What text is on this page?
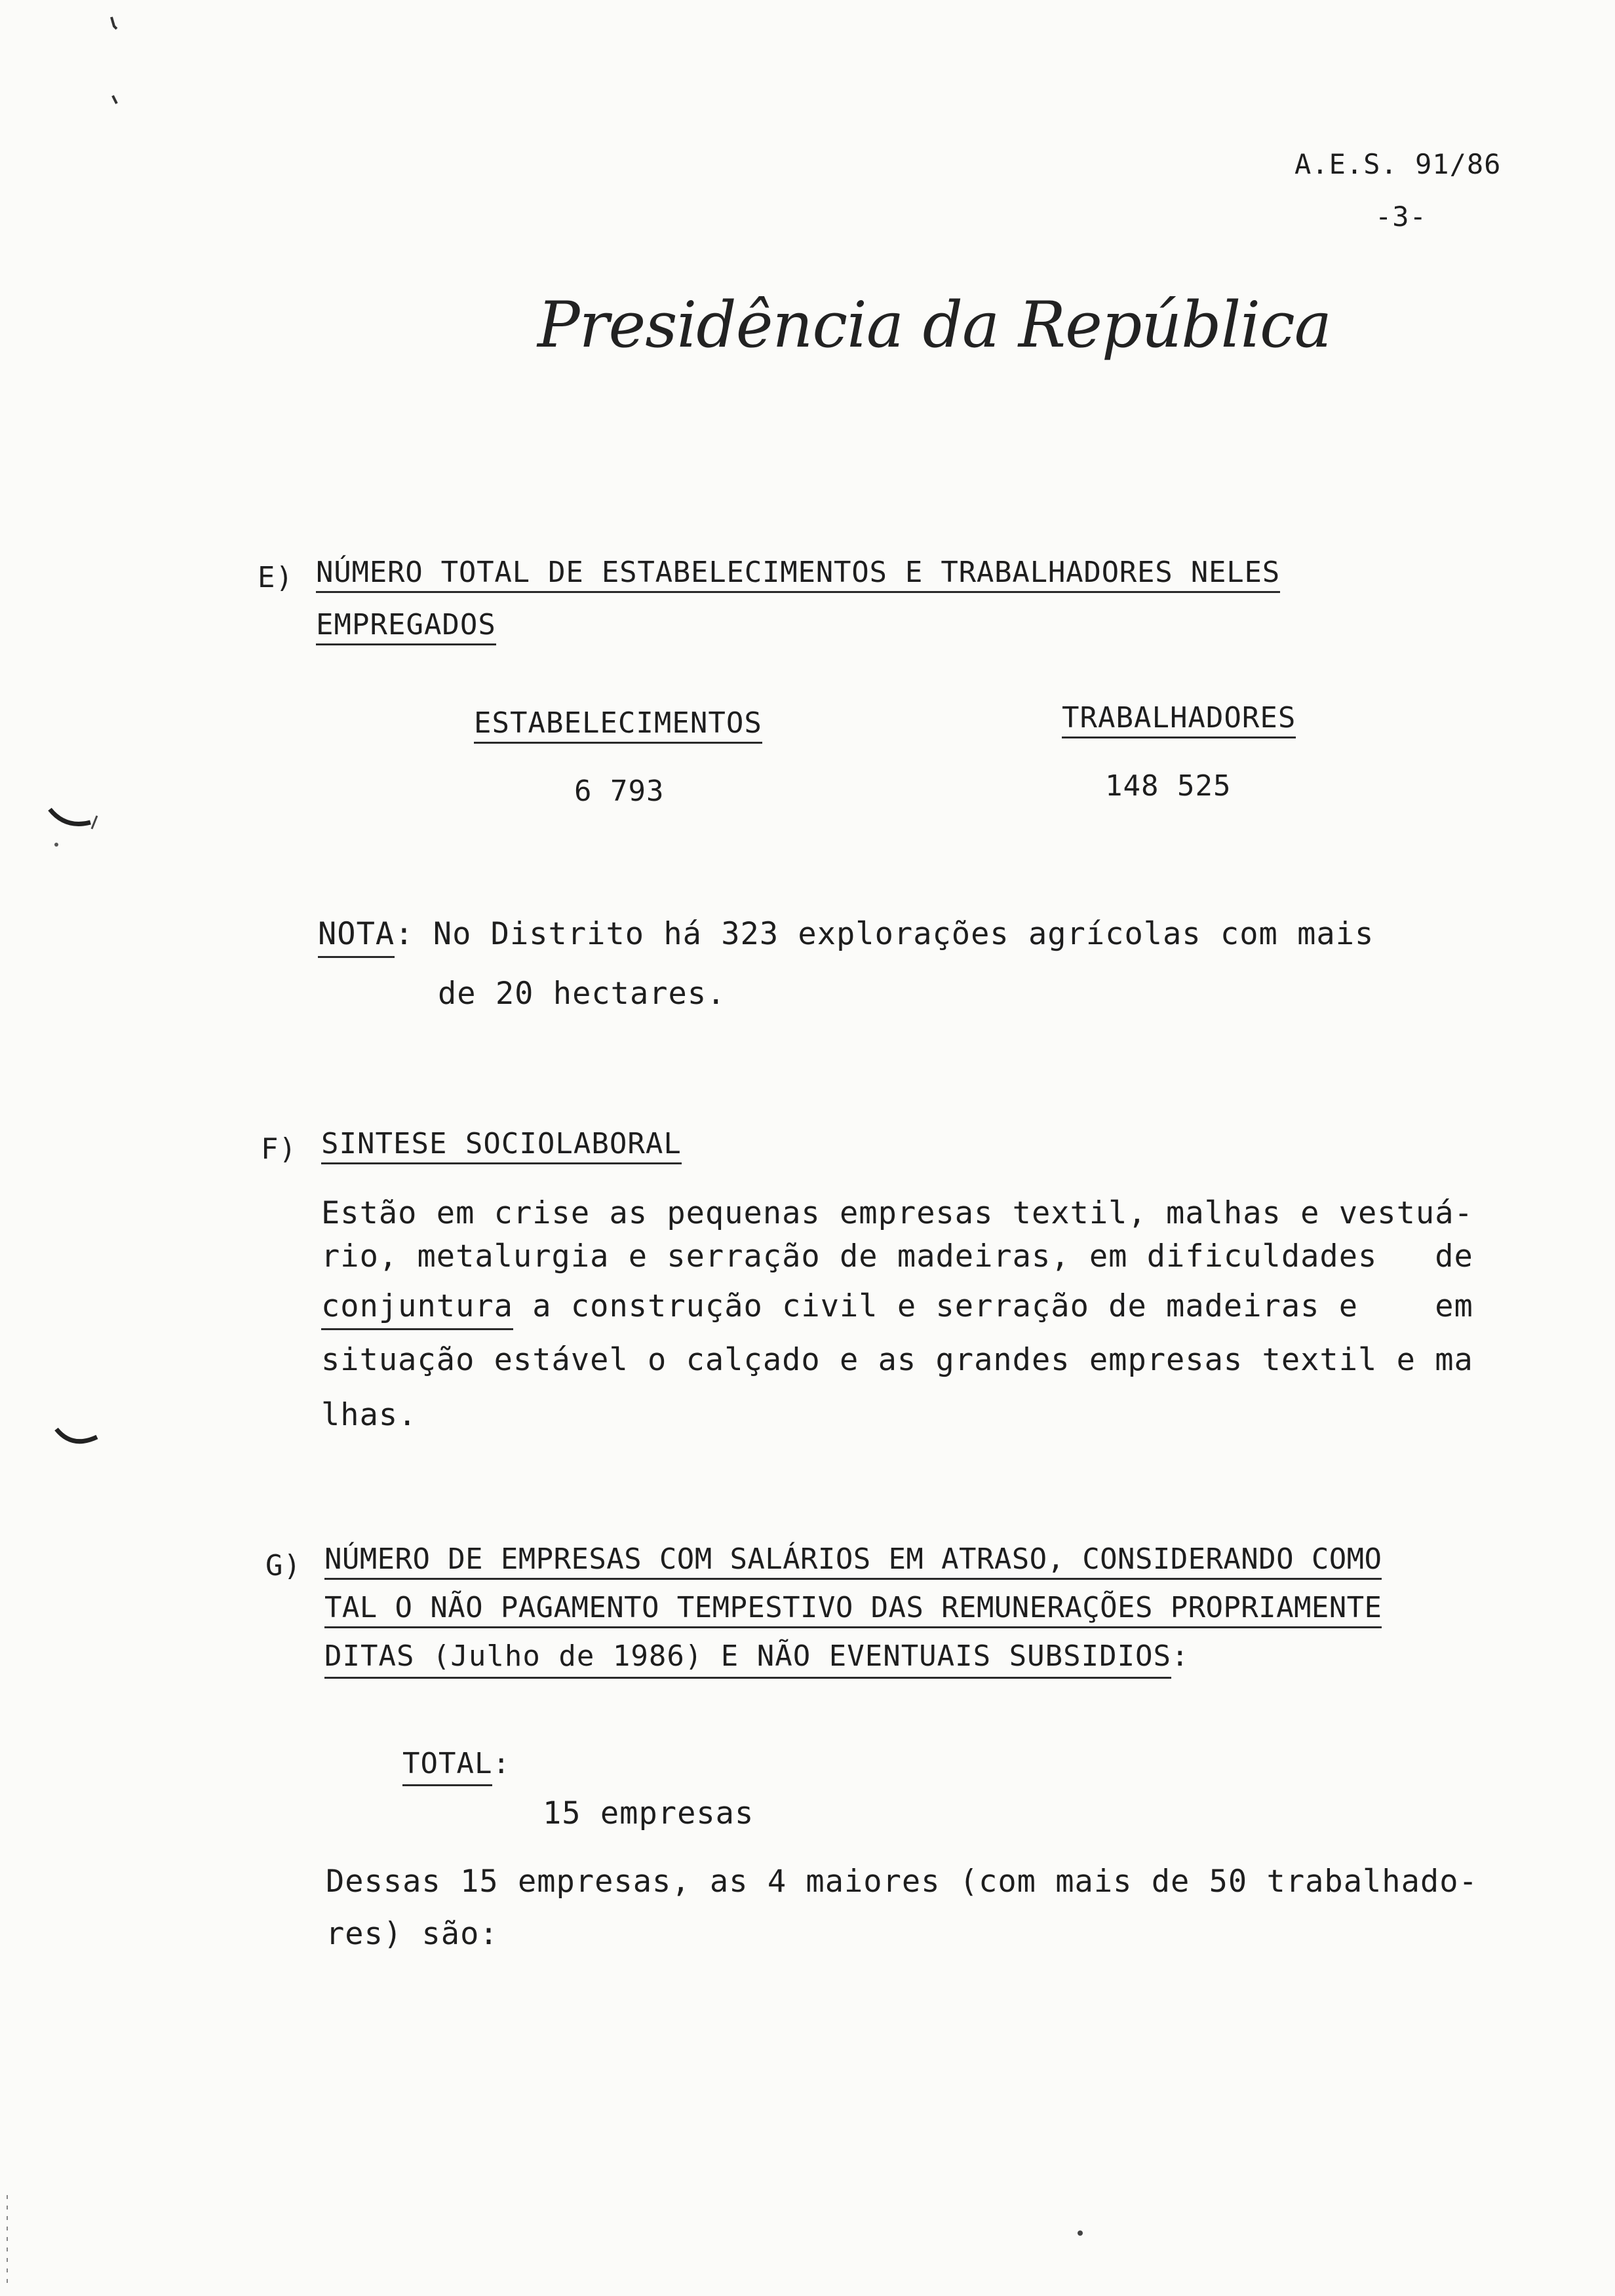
A.E.S. 91/86
-3-
Presidência da República
E) NÚMERO TOTAL DE ESTABELECIMENTOS E TRABALHADORES NELES
EMPREGADOS
ESTABELECIMENTOS	TRABALHADORES
6 793	148 525
NOTA: No Distrito há 323 explorações agrícolas com mais
de 20 hectares.
F) SINTESE SOCIOLABORAL
Estão em crise as pequenas empresas textil, malhas e vestuá-
rio, metalurgia e serração de madeiras, em dificuldades   de
conjuntura a construção civil e serração de madeiras e    em
situação estável o calçado e as grandes empresas textil e ma
lhas.
G) NÚMERO DE EMPRESAS COM SALÁRIOS EM ATRASO, CONSIDERANDO COMO
TAL O NÃO PAGAMENTO TEMPESTIVO DAS REMUNERAÇÕES PROPRIAMENTE
DITAS (Julho de 1986) E NÃO EVENTUAIS SUBSIDIOS:
TOTAL:
15 empresas
Dessas 15 empresas, as 4 maiores (com mais de 50 trabalhado-
res) são:
